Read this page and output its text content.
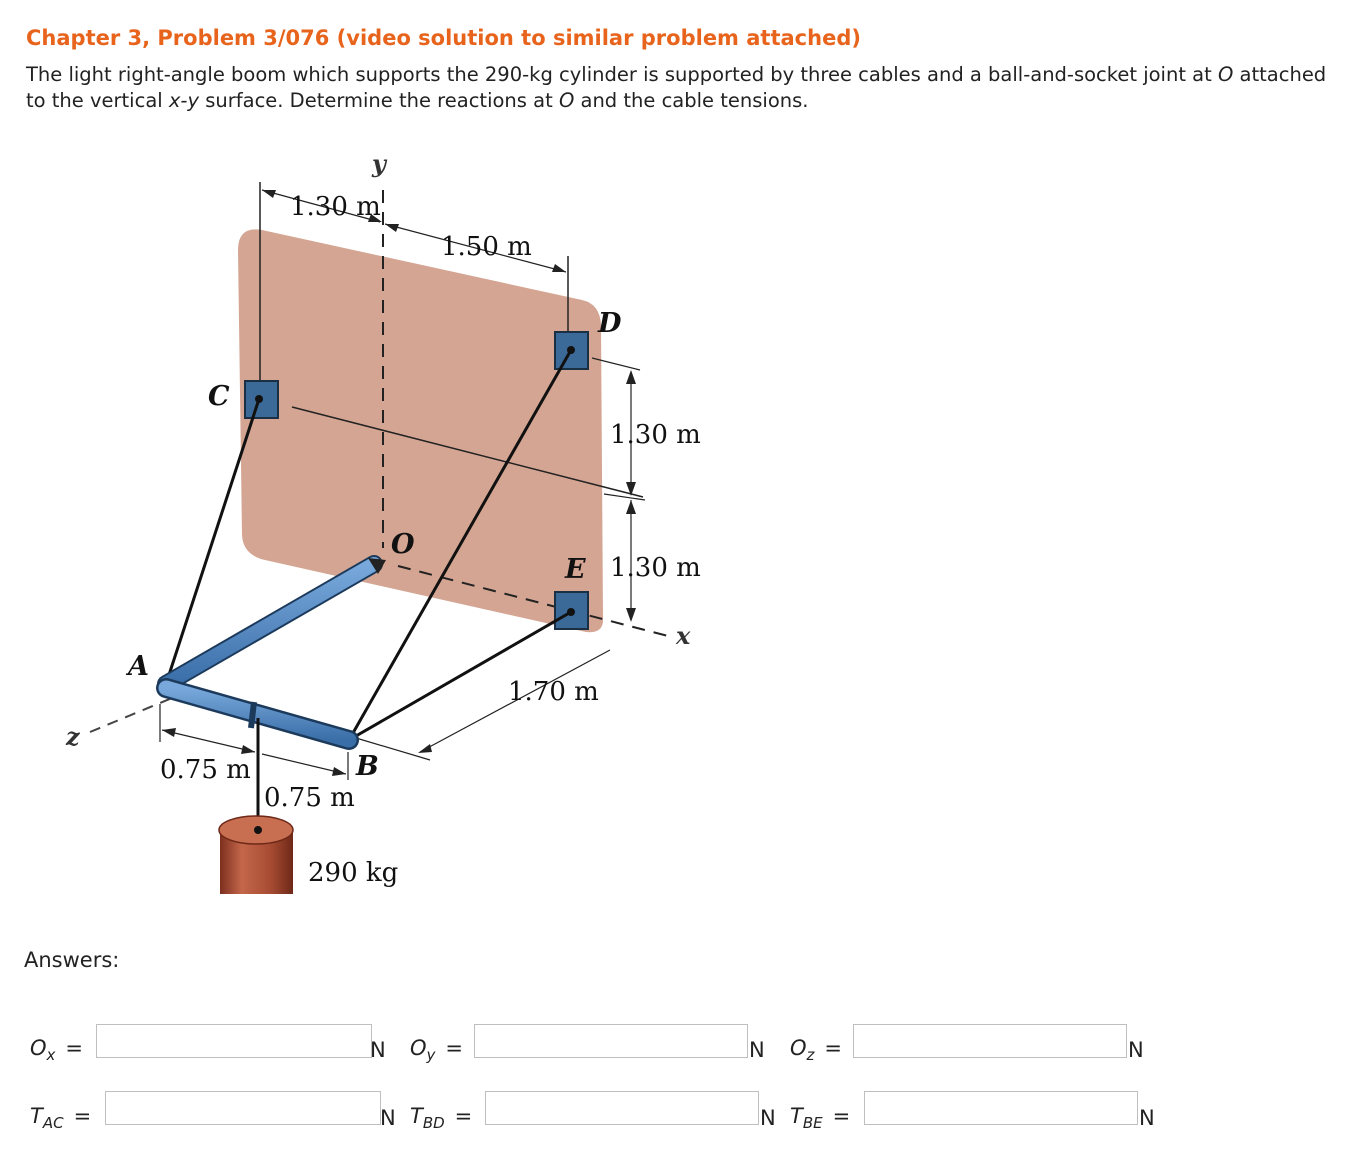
Chapter 3, Problem 3/076 (video solution to similar problem attached)
The light right-angle boom which supports the 290-kg cylinder is supported by three cables and a ball-and-socket joint at O attached to the vertical x-y surface. Determine the reactions at O and the cable tensions.
A
B
C
D
E
O
y
x
z
1.30 m
1.50 m
1.30 m
1.30 m
1.70 m
0.75 m
0.75 m
290 kg
Answers:
$O_x$ =	N $O_y$ =	N $O_z$ =	N
$T_{AC}$ =	N $T_{BD}$ =	N $T_{BE}$ =	N
